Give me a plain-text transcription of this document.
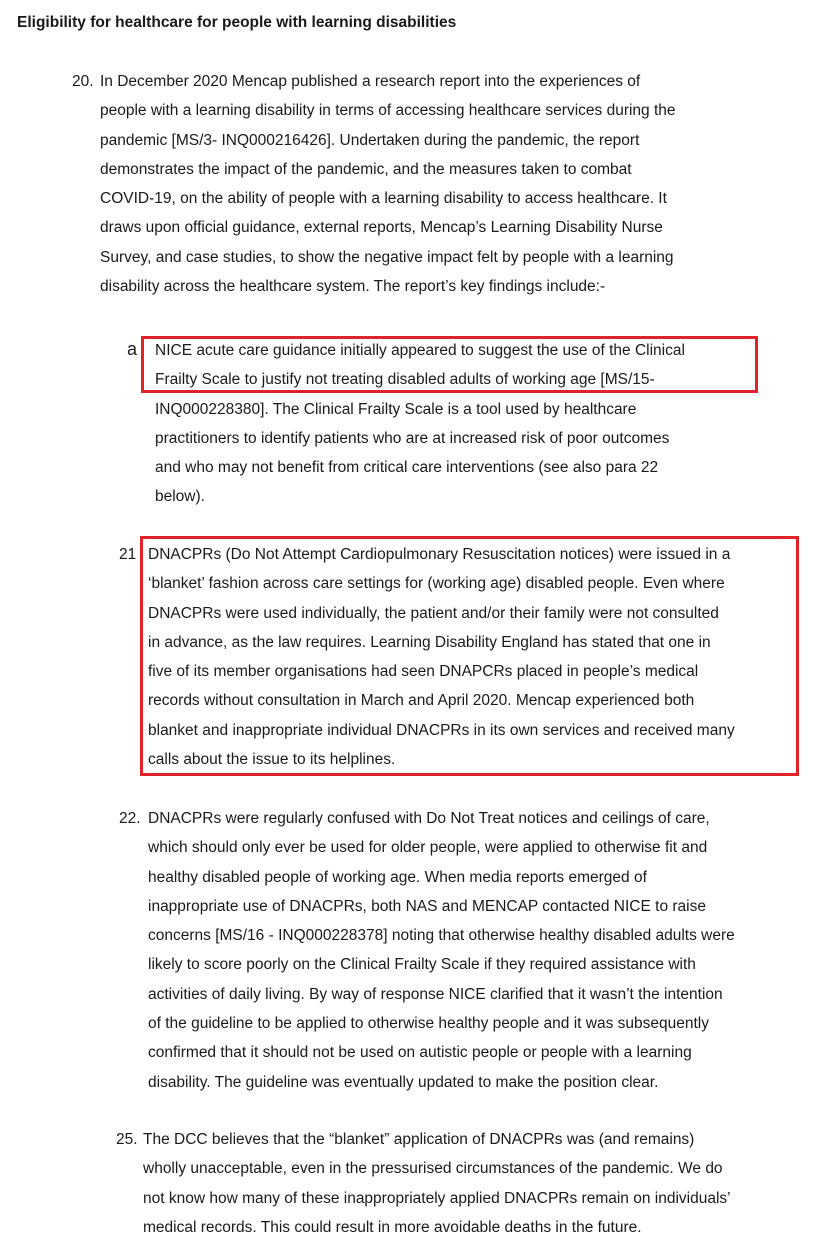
Eligibility for healthcare for people with learning disabilities
20. In December 2020 Mencap published a research report into the experiences of
people with a learning disability in terms of accessing healthcare services during the
pandemic [MS/3- INQ000216426]. Undertaken during the pandemic, the report
demonstrates the impact of the pandemic, and the measures taken to combat
COVID-19, on the ability of people with a learning disability to access healthcare. It
draws upon official guidance, external reports, Mencap’s Learning Disability Nurse
Survey, and case studies, to show the negative impact felt by people with a learning
disability across the healthcare system. The report’s key findings include:-

a NICE acute care guidance initially appeared to suggest the use of the Clinical
Frailty Scale to justify not treating disabled adults of working age [MS/15-
INQ000228380]. The Clinical Frailty Scale is a tool used by healthcare
practitioners to identify patients who are at increased risk of poor outcomes
and who may not benefit from critical care interventions (see also para 22
below).

21 DNACPRs (Do Not Attempt Cardiopulmonary Resuscitation notices) were issued in a
‘blanket’ fashion across care settings for (working age) disabled people. Even where
DNACPRs were used individually, the patient and/or their family were not consulted
in advance, as the law requires. Learning Disability England has stated that one in
five of its member organisations had seen DNAPCRs placed in people’s medical
records without consultation in March and April 2020. Mencap experienced both
blanket and inappropriate individual DNACPRs in its own services and received many
calls about the issue to its helplines.

22. DNACPRs were regularly confused with Do Not Treat notices and ceilings of care,
which should only ever be used for older people, were applied to otherwise fit and
healthy disabled people of working age. When media reports emerged of
inappropriate use of DNACPRs, both NAS and MENCAP contacted NICE to raise
concerns [MS/16 - INQ000228378] noting that otherwise healthy disabled adults were
likely to score poorly on the Clinical Frailty Scale if they required assistance with
activities of daily living. By way of response NICE clarified that it wasn’t the intention
of the guideline to be applied to otherwise healthy people and it was subsequently
confirmed that it should not be used on autistic people or people with a learning
disability. The guideline was eventually updated to make the position clear.

25. The DCC believes that the “blanket” application of DNACPRs was (and remains)
wholly unacceptable, even in the pressurised circumstances of the pandemic. We do
not know how many of these inappropriately applied DNACPRs remain on individuals’
medical records. This could result in more avoidable deaths in the future.
